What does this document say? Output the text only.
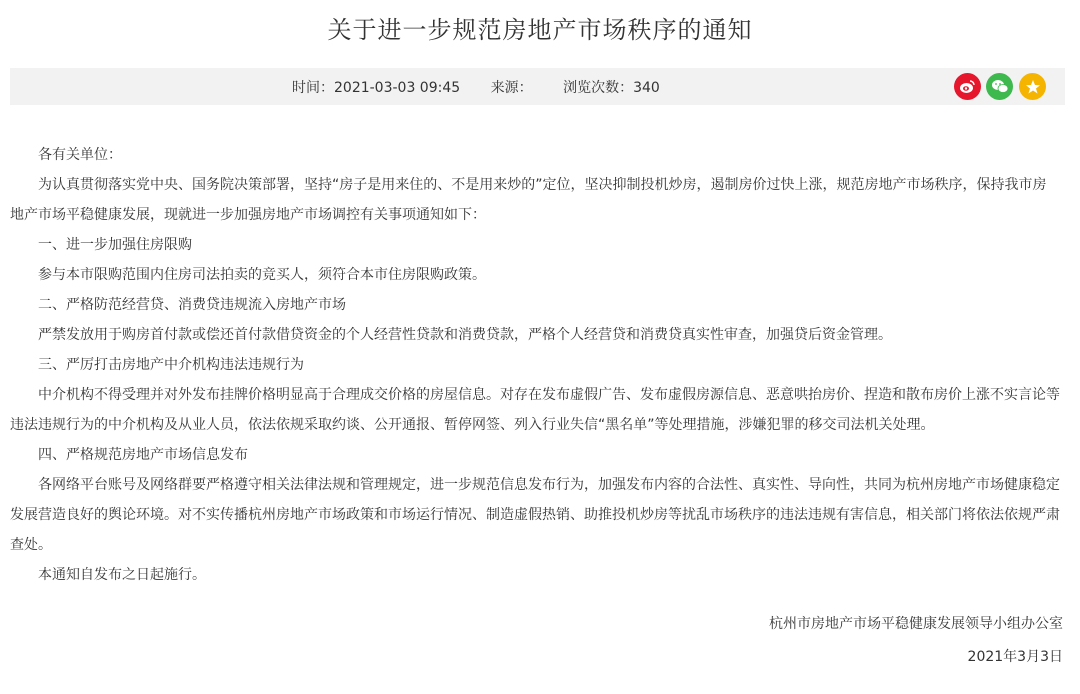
关于进一步规范房地产市场秩序的通知
时间：2021-03-03 09:45 来源： 浏览次数：340

各有关单位：

为认真贯彻落实党中央、国务院决策部署，坚持“房子是用来住的、不是用来炒的”定位，坚决抑制投机炒房，遏制房价过快上涨，规范房地产市场秩序，保持我市房地产市场平稳健康发展，现就进一步加强房地产市场调控有关事项通知如下：

一、进一步加强住房限购

参与本市限购范围内住房司法拍卖的竞买人，须符合本市住房限购政策。

二、严格防范经营贷、消费贷违规流入房地产市场

严禁发放用于购房首付款或偿还首付款借贷资金的个人经营性贷款和消费贷款，严格个人经营贷和消费贷真实性审查，加强贷后资金管理。

三、严厉打击房地产中介机构违法违规行为

中介机构不得受理并对外发布挂牌价格明显高于合理成交价格的房屋信息。对存在发布虚假广告、发布虚假房源信息、恶意哄抬房价、捏造和散布房价上涨不实言论等违法违规行为的中介机构及从业人员，依法依规采取约谈、公开通报、暂停网签、列入行业失信“黑名单”等处理措施，涉嫌犯罪的移交司法机关处理。

四、严格规范房地产市场信息发布

各网络平台账号及网络群要严格遵守相关法律法规和管理规定，进一步规范信息发布行为，加强发布内容的合法性、真实性、导向性，共同为杭州房地产市场健康稳定发展营造良好的舆论环境。对不实传播杭州房地产市场政策和市场运行情况、制造虚假热销、助推投机炒房等扰乱市场秩序的违法违规有害信息，相关部门将依法依规严肃查处。

本通知自发布之日起施行。

杭州市房地产市场平稳健康发展领导小组办公室
2021年3月3日
